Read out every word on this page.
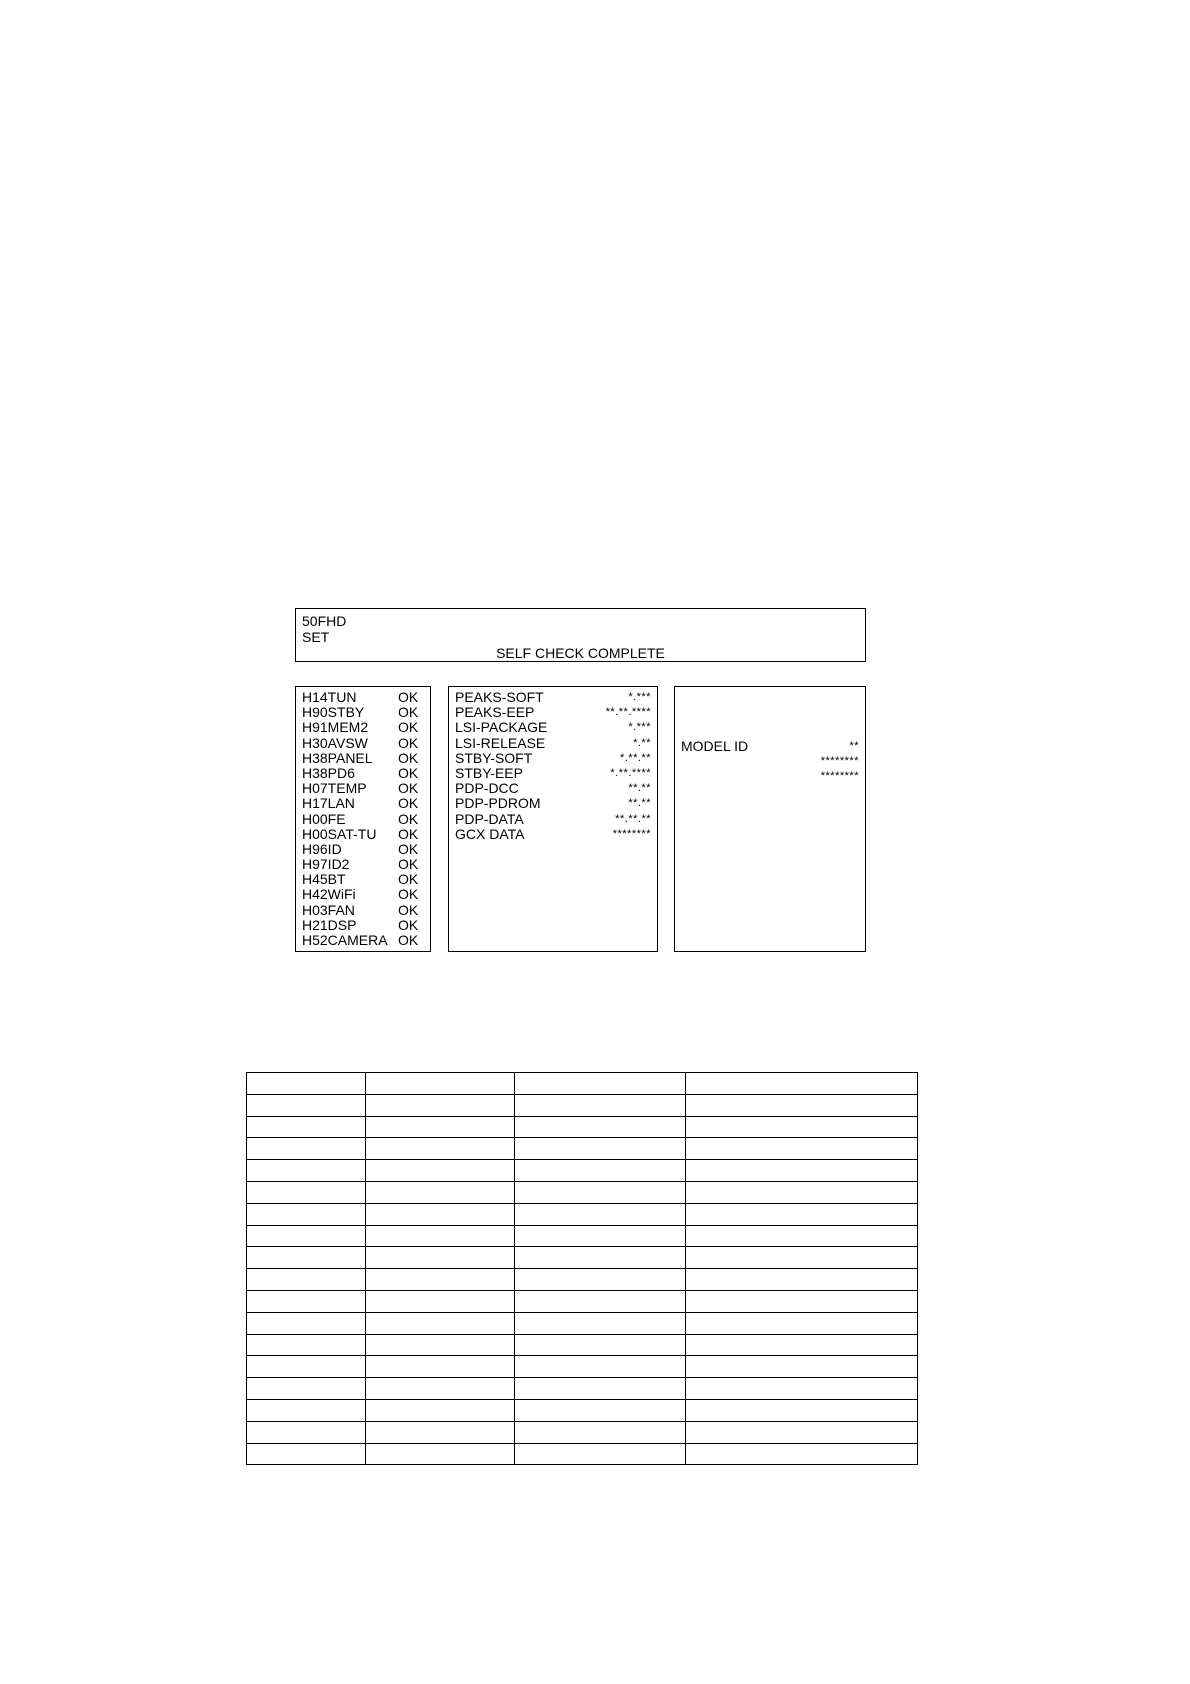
50FHD
SET
SELF CHECK COMPLETE
H14TUN	OK
H90STBY OK
H91MEM2 OK
H30AVSW OK
H38PANEL OK
H38PD6	OK
H07TEMP OK
H17LAN	OK
H00FE	OK
H00SAT-TU OK
H96ID	OK
H97ID2	OK
H45BT	OK
H42WiFi	OK
H03FAN	OK
H21DSP	OK
H52CAMERA OK
PEAKS-SOFT	*.***
PEAKS-EEP	**.**.****
LSI-PACKAGE	*.***
LSI-RELEASE	*.**
STBY-SOFT	*.**.**
STBY-EEP	*.**.****
PDP-DCC	**.**
PDP-PDROM	**.**
PDP-DATA	**.**.**
GCX DATA	********
MODEL ID	**
********
********
